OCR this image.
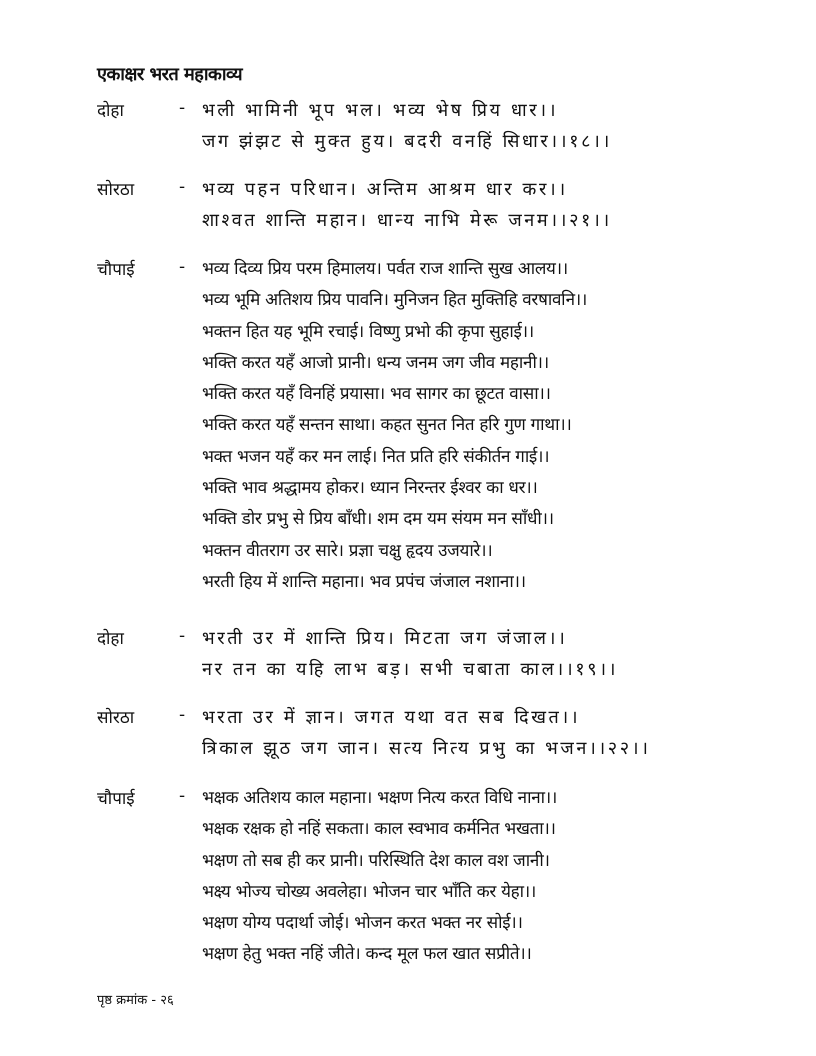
एकाक्षर भरत महाकाव्य
दोहा	- भली भामिनी भूप भल। भव्य भेष प्रिय धार।।
जग झंझट से मुक्त हुय। बदरी वनहिं सिधार।।१८।।
सोरठा	- भव्य पहन परिधान। अन्तिम आश्रम धार कर।।
शाश्वत शान्ति महान। धान्य नाभि मेरू जनम।।२१।।
चौपाई	- भव्य दिव्य प्रिय परम हिमालय। पर्वत राज शान्ति सुख आलय।।
भव्य भूमि अतिशय प्रिय पावनि। मुनिजन हित मुक्तिहि वरषावनि।।
भक्तन हित यह भूमि रचाई। विष्णु प्रभो की कृपा सुहाई।।
भक्ति करत यहँ आजो प्रानी। धन्य जनम जग जीव महानी।।
भक्ति करत यहँ विनहिं प्रयासा। भव सागर का छूटत वासा।।
भक्ति करत यहँ सन्तन साथा। कहत सुनत नित हरि गुण गाथा।।
भक्त भजन यहँ कर मन लाई। नित प्रति हरि संकीर्तन गाई।।
भक्ति भाव श्रद्धामय होकर। ध्यान निरन्तर ईश्वर का धर।।
भक्ति डोर प्रभु से प्रिय बाँधी। शम दम यम संयम मन साँधी।।
भक्तन वीतराग उर सारे। प्रज्ञा चक्षु हृदय उजयारे।।
भरती हिय में शान्ति महाना। भव प्रपंच जंजाल नशाना।।
दोहा	- भरती उर में शान्ति प्रिय। मिटता जग जंजाल।।
नर तन का यहि लाभ बड़। सभी चबाता काल।।१९।।
सोरठा	- भरता उर में ज्ञान। जगत यथा वत सब दिखत।।
त्रिकाल झूठ जग जान। सत्य नित्य प्रभु का भजन।।२२।।
चौपाई	- भक्षक अतिशय काल महाना। भक्षण नित्य करत विधि नाना।।
भक्षक रक्षक हो नहिं सकता। काल स्वभाव कर्मनित भखता।।
भक्षण तो सब ही कर प्रानी। परिस्थिति देश काल वश जानी।
भक्ष्य भोज्य चोख्य अवलेहा। भोजन चार भाँति कर येहा।।
भक्षण योग्य पदार्था जोई। भोजन करत भक्त नर सोई।।
भक्षण हेतु भक्त नहिं जीते। कन्द मूल फल खात सप्रीते।।
पृष्ठ क्रमांक - २६
